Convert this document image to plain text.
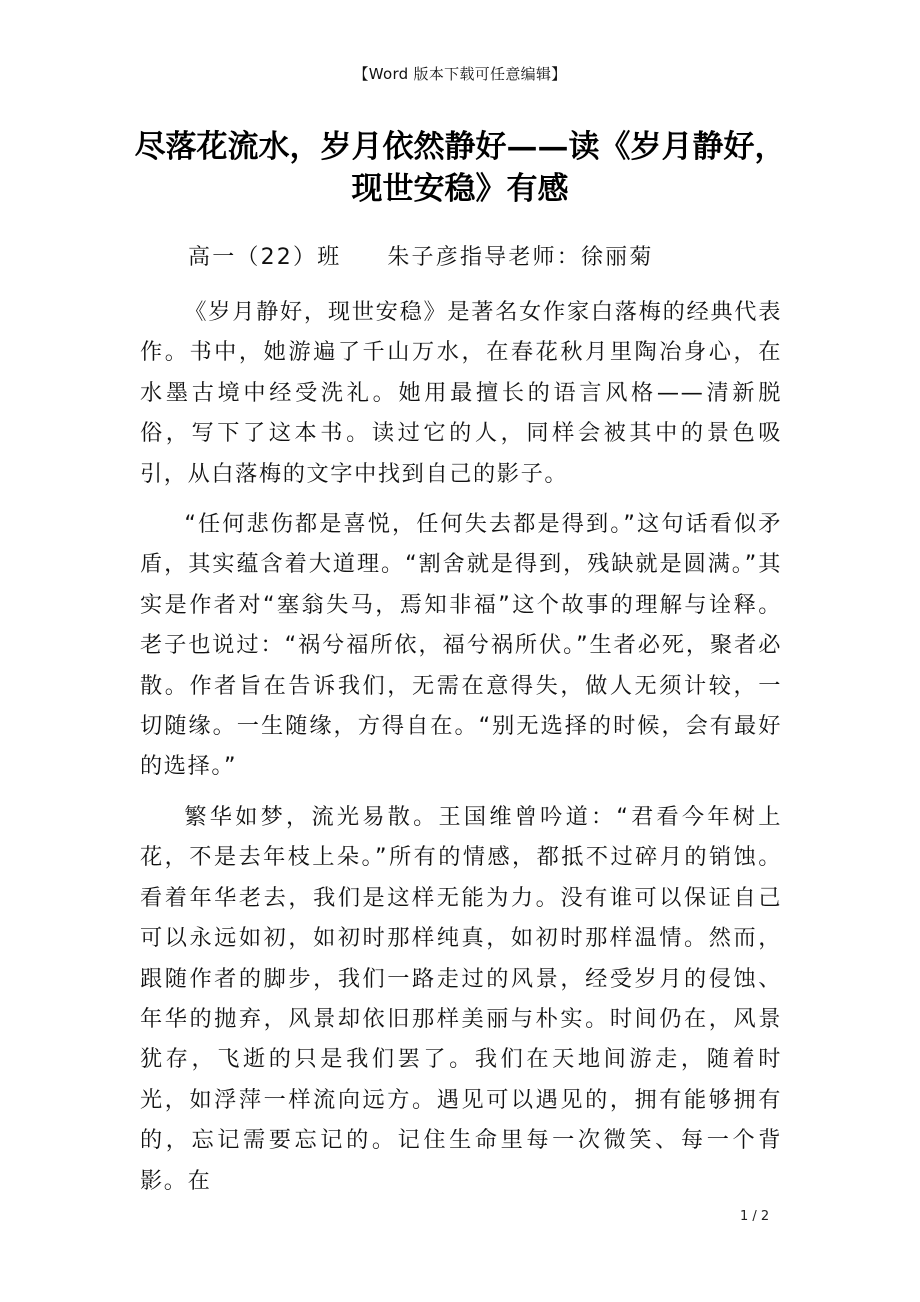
【Word 版本下载可任意编辑】
尽落花流水，岁月依然静好——读《岁月静好，现世安稳》有感
高一（22）班     朱子彦指导老师：徐丽菊

《岁月静好，现世安稳》是著名女作家白落梅的经典代表作。书中，她游遍了千山万水，在春花秋月里陶冶身心，在水墨古境中经受洗礼。她用最擅长的语言风格——清新脱俗，写下了这本书。读过它的人，同样会被其中的景色吸引，从白落梅的文字中找到自己的影子。

“任何悲伤都是喜悦，任何失去都是得到。”这句话看似矛盾，其实蕴含着大道理。“割舍就是得到，残缺就是圆满。”其实是作者对“塞翁失马，焉知非福”这个故事的理解与诠释。老子也说过：“祸兮福所依，福兮祸所伏。”生者必死，聚者必散。作者旨在告诉我们，无需在意得失，做人无须计较，一切随缘。一生随缘，方得自在。“别无选择的时候，会有最好的选择。”

繁华如梦，流光易散。王国维曾吟道：“君看今年树上花，不是去年枝上朵。”所有的情感，都抵不过碎月的销蚀。看着年华老去，我们是这样无能为力。没有谁可以保证自己可以永远如初，如初时那样纯真，如初时那样温情。然而，跟随作者的脚步，我们一路走过的风景，经受岁月的侵蚀、年华的抛弃，风景却依旧那样美丽与朴实。时间仍在，风景犹存，飞逝的只是我们罢了。我们在天地间游走，随着时光，如浮萍一样流向远方。遇见可以遇见的，拥有能够拥有的，忘记需要忘记的。记住生命里每一次微笑、每一个背影。在

1 / 2
